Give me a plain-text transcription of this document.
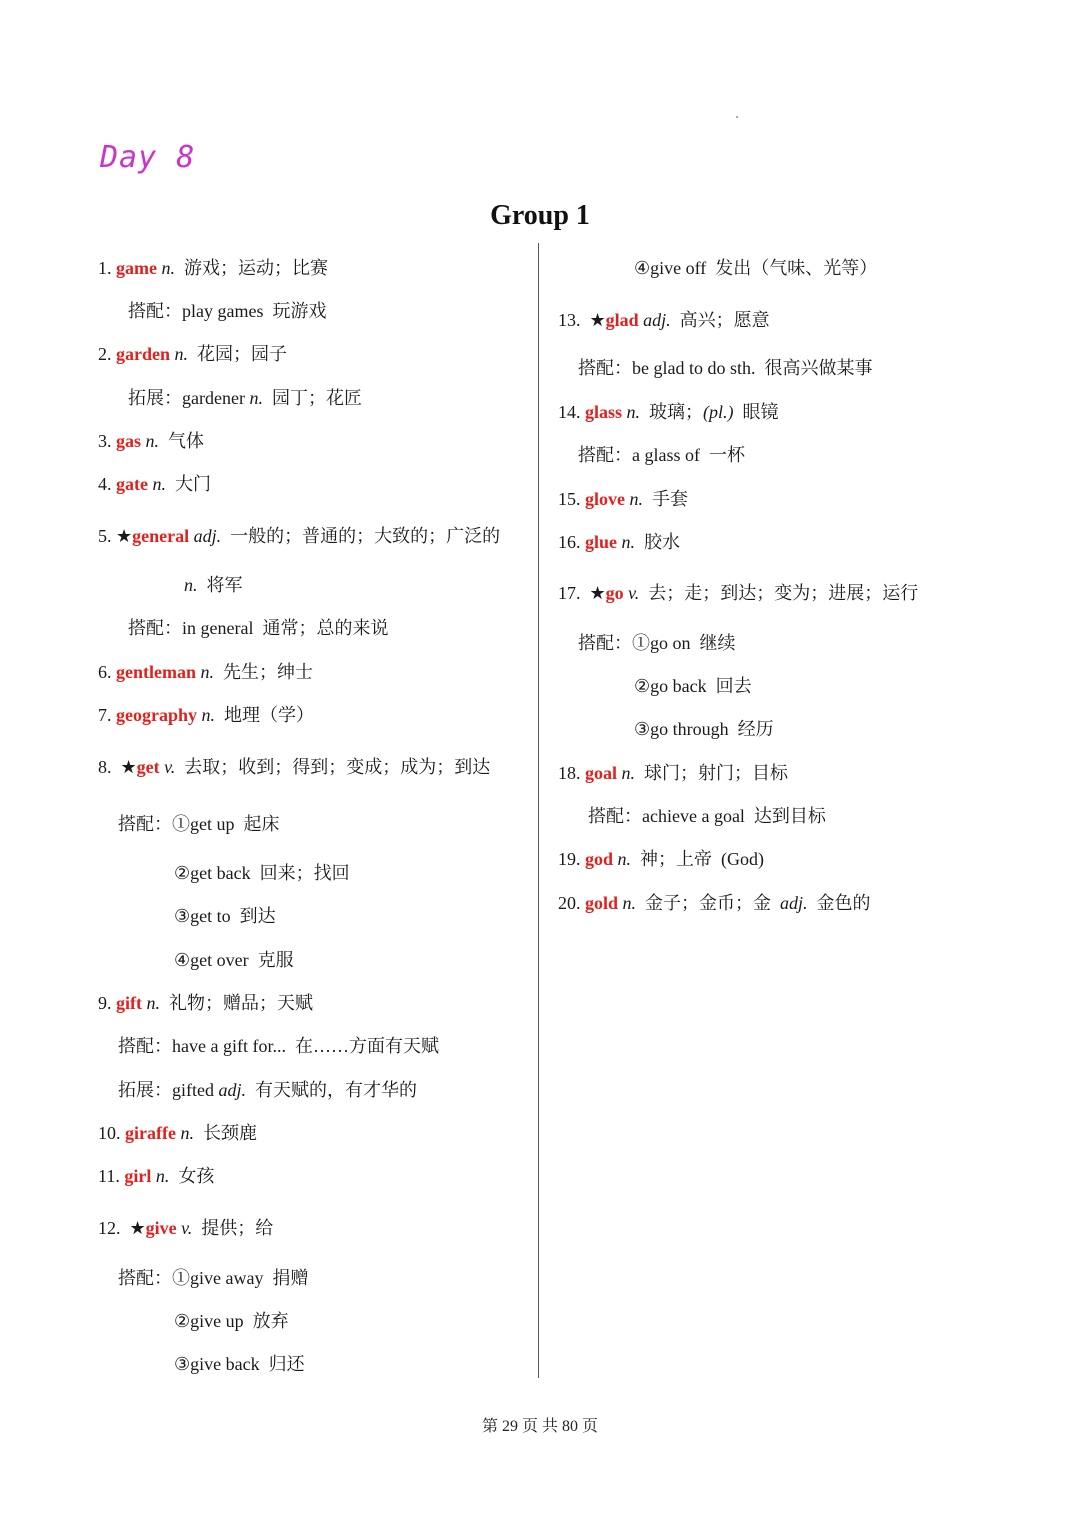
Day 8
Group 1
1. game n.  游戏；运动；比赛
搭配：play games  玩游戏
2. garden n.  花园；园子
拓展：gardener n.  园丁；花匠
3. gas n.  气体
4. gate n.  大门
5. ★general adj.  一般的；普通的；大致的；广泛的
n.  将军
搭配：in general  通常；总的来说
6. gentleman n.  先生；绅士
7. geography n.  地理（学）
8.  ★get v.  去取；收到；得到；变成；成为；到达
搭配：①get up  起床
②get back  回来；找回
③get to  到达
④get over  克服
9. gift n.  礼物；赠品；天赋
搭配：have a gift for...  在……方面有天赋
拓展：gifted adj.  有天赋的，有才华的
10. giraffe n.  长颈鹿
11. girl n.  女孩
12.  ★give v.  提供；给
搭配：①give away  捐赠
②give up  放弃
③give back  归还
④give off  发出（气味、光等）
13.  ★glad adj.  高兴；愿意
搭配：be glad to do sth.  很高兴做某事
14. glass n.  玻璃；(pl.)  眼镜
搭配：a glass of  一杯
15. glove n.  手套
16. glue n.  胶水
17.  ★go v.  去；走；到达；变为；进展；运行
搭配：①go on  继续
②go back  回去
③go through  经历
18. goal n.  球门；射门；目标
搭配：achieve a goal  达到目标
19. god n.  神；上帝  (God)
20. gold n.  金子；金币；金  adj.  金色的
第 29 页 共 80 页
